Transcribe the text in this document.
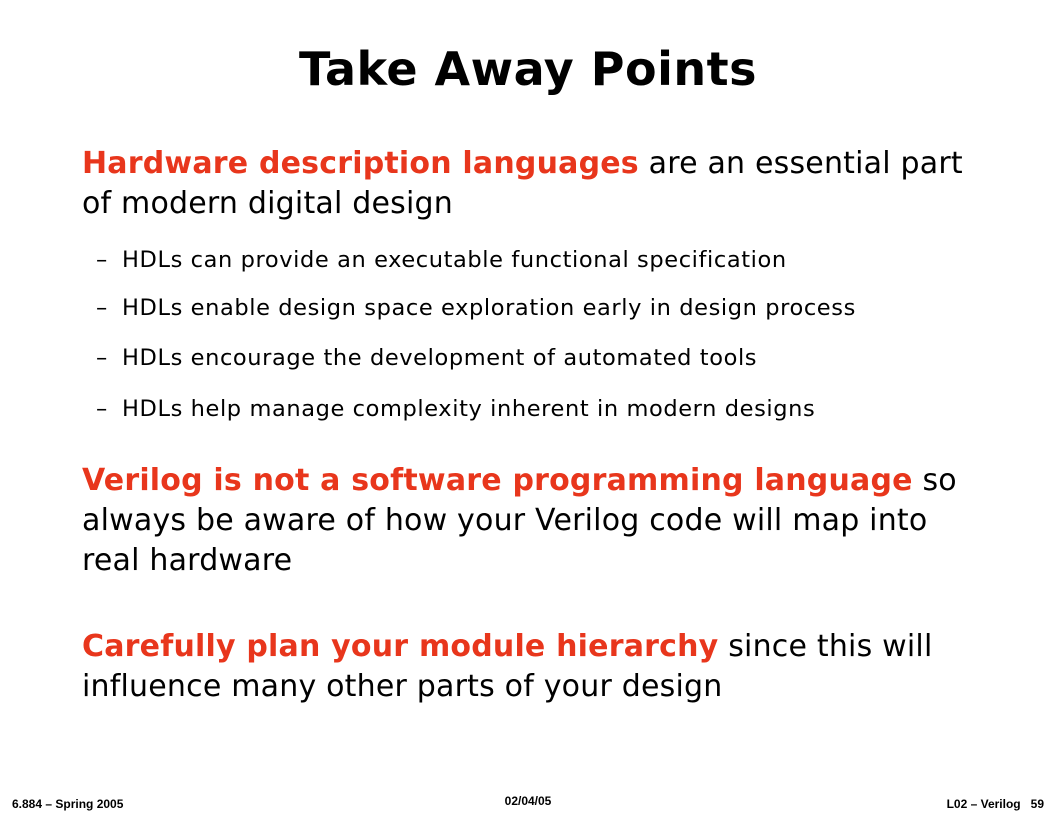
Take Away Points
Hardware description languages are an essential part of modern digital design
– HDLs can provide an executable functional specification
– HDLs enable design space exploration early in design process
– HDLs encourage the development of automated tools
– HDLs help manage complexity inherent in modern designs
Verilog is not a software programming language so always be aware of how your Verilog code will map into real hardware
Carefully plan your module hierarchy since this will influence many other parts of your design
6.884 – Spring 2005	02/04/05	L02 – Verilog 59
